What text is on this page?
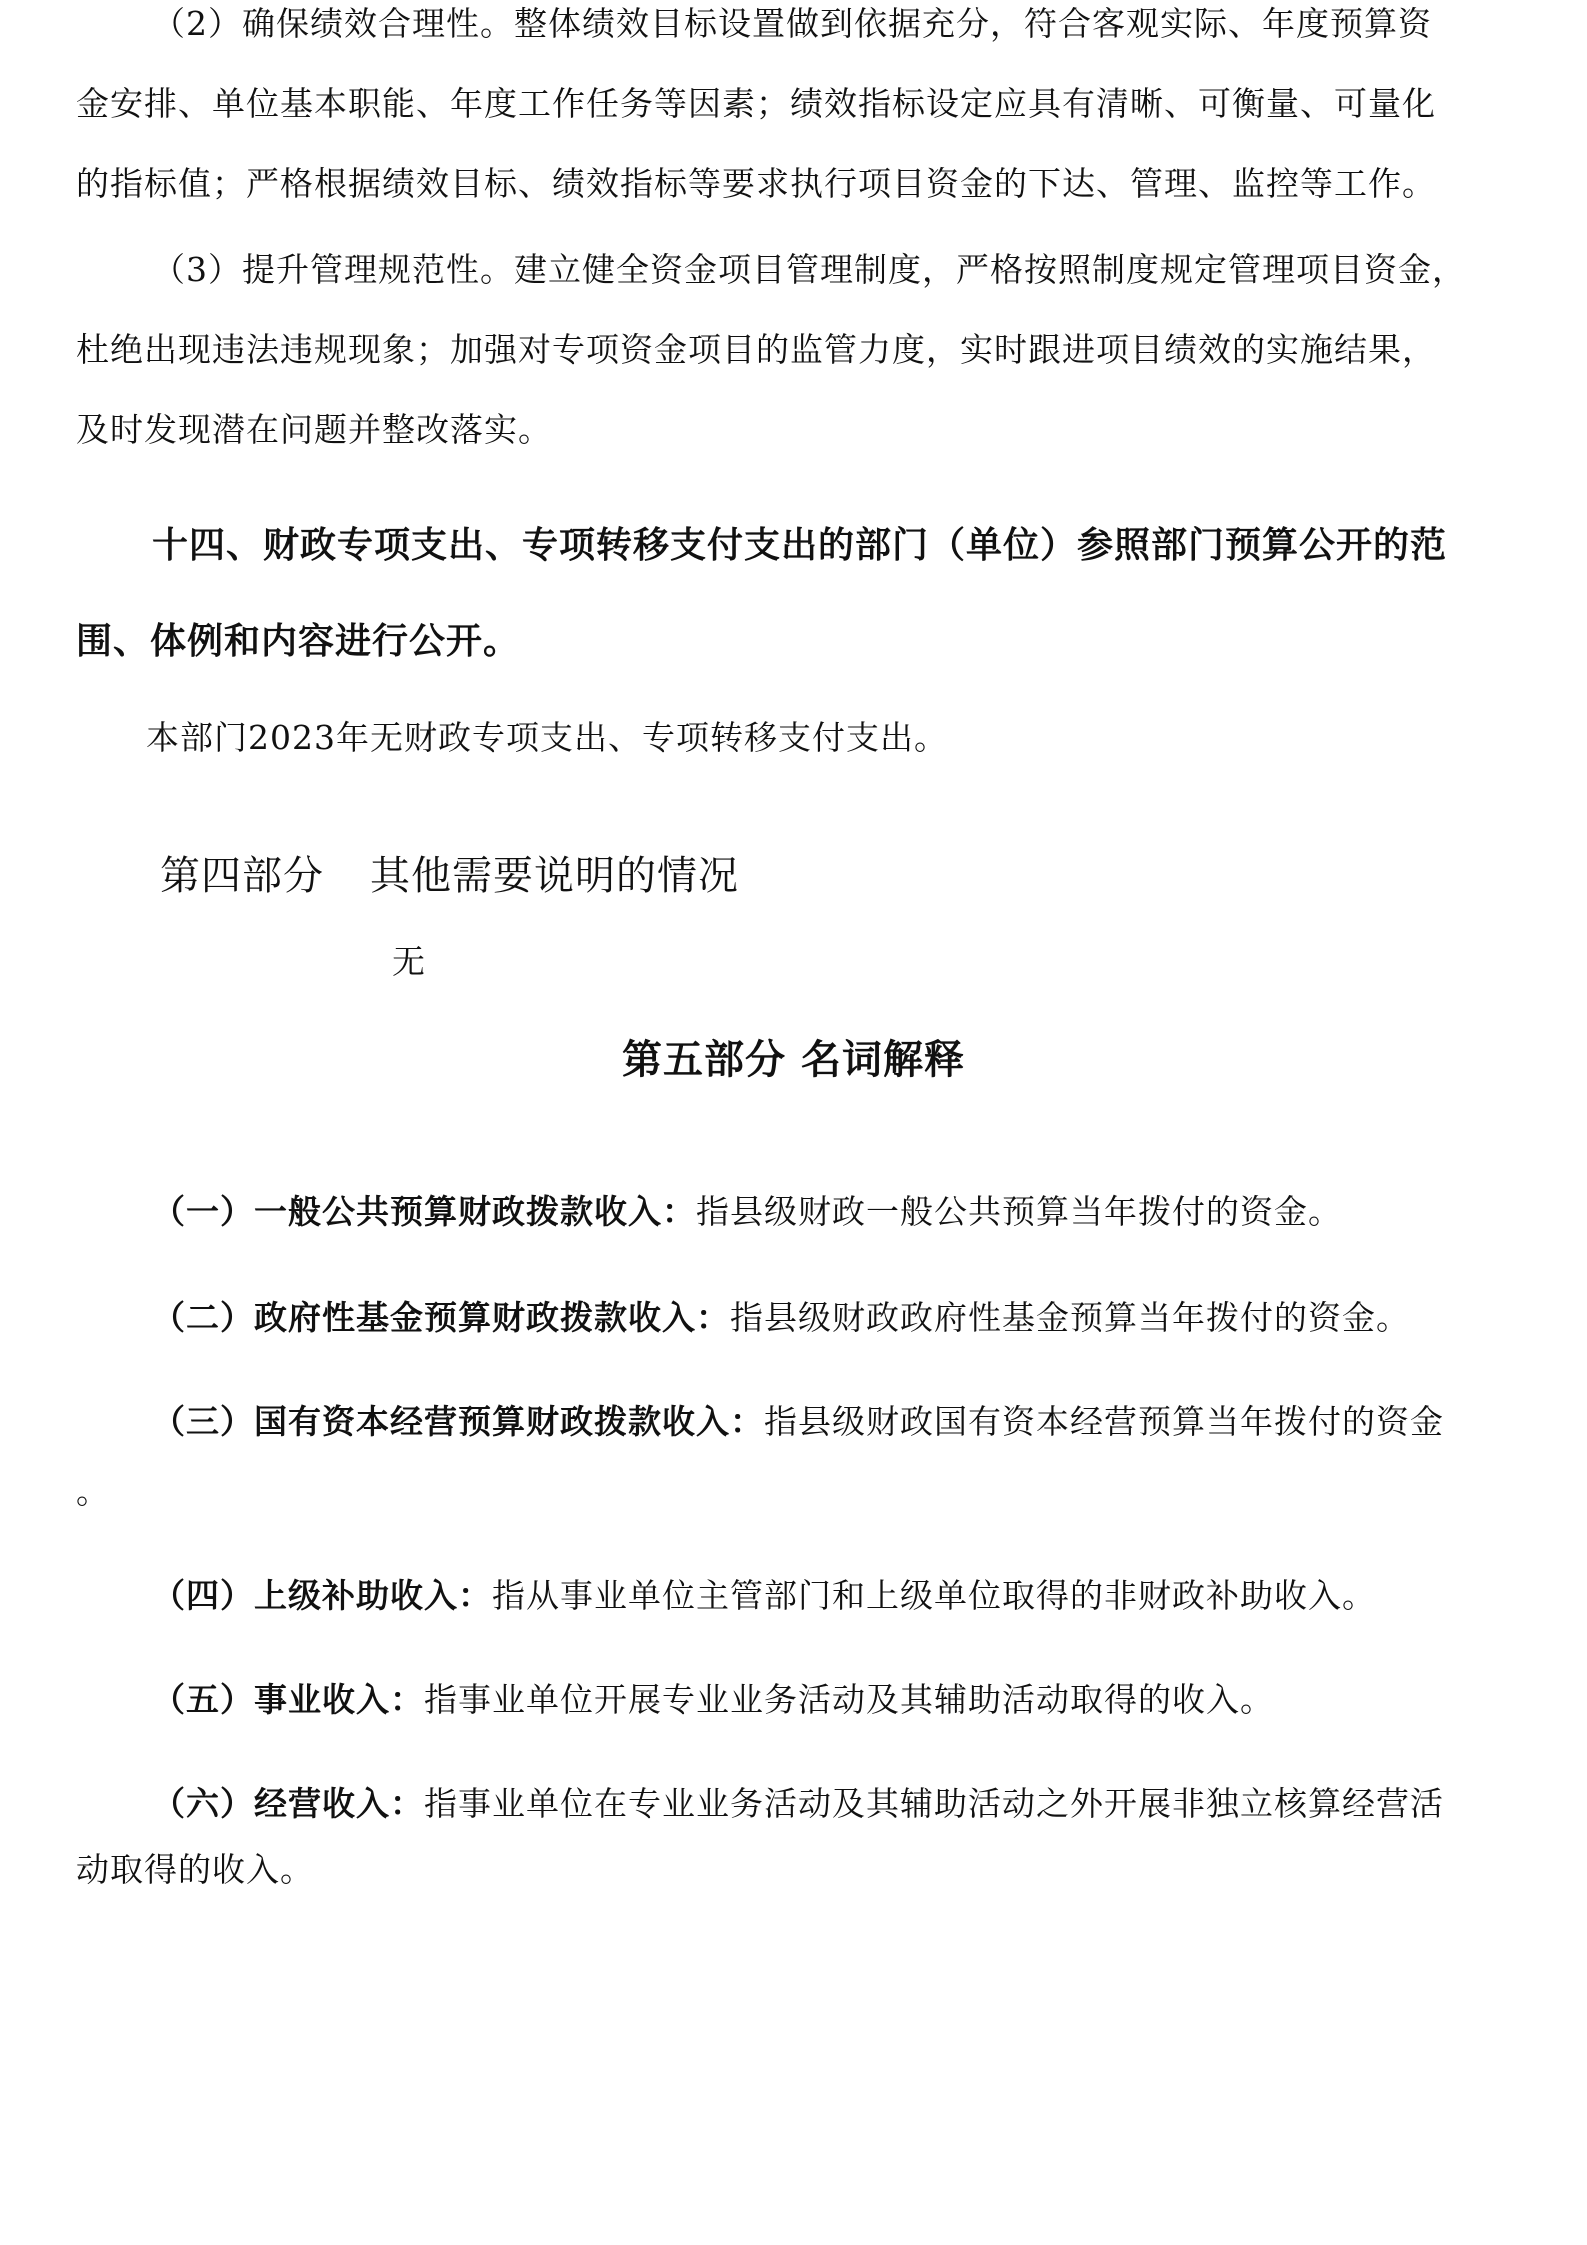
（2）确保绩效合理性。整体绩效目标设置做到依据充分，符合客观实际、年度预算资
金安排、单位基本职能、年度工作任务等因素；绩效指标设定应具有清晰、可衡量、可量化
的指标值；严格根据绩效目标、绩效指标等要求执行项目资金的下达、管理、监控等工作。
（3）提升管理规范性。建立健全资金项目管理制度，严格按照制度规定管理项目资金，
杜绝出现违法违规现象；加强对专项资金项目的监管力度，实时跟进项目绩效的实施结果，
及时发现潜在问题并整改落实。
十四、财政专项支出、专项转移支付支出的部门（单位）参照部门预算公开的范
围、体例和内容进行公开。
本部门2023年无财政专项支出、专项转移支付支出。
第四部分 其他需要说明的情况
无
第五部分 名词解释
（一）一般公共预算财政拨款收入：指县级财政一般公共预算当年拨付的资金。
（二）政府性基金预算财政拨款收入：指县级财政政府性基金预算当年拨付的资金。
（三）国有资本经营预算财政拨款收入：指县级财政国有资本经营预算当年拨付的资金
。
（四）上级补助收入：指从事业单位主管部门和上级单位取得的非财政补助收入。
（五）事业收入：指事业单位开展专业业务活动及其辅助活动取得的收入。
（六）经营收入：指事业单位在专业业务活动及其辅助活动之外开展非独立核算经营活
动取得的收入。
